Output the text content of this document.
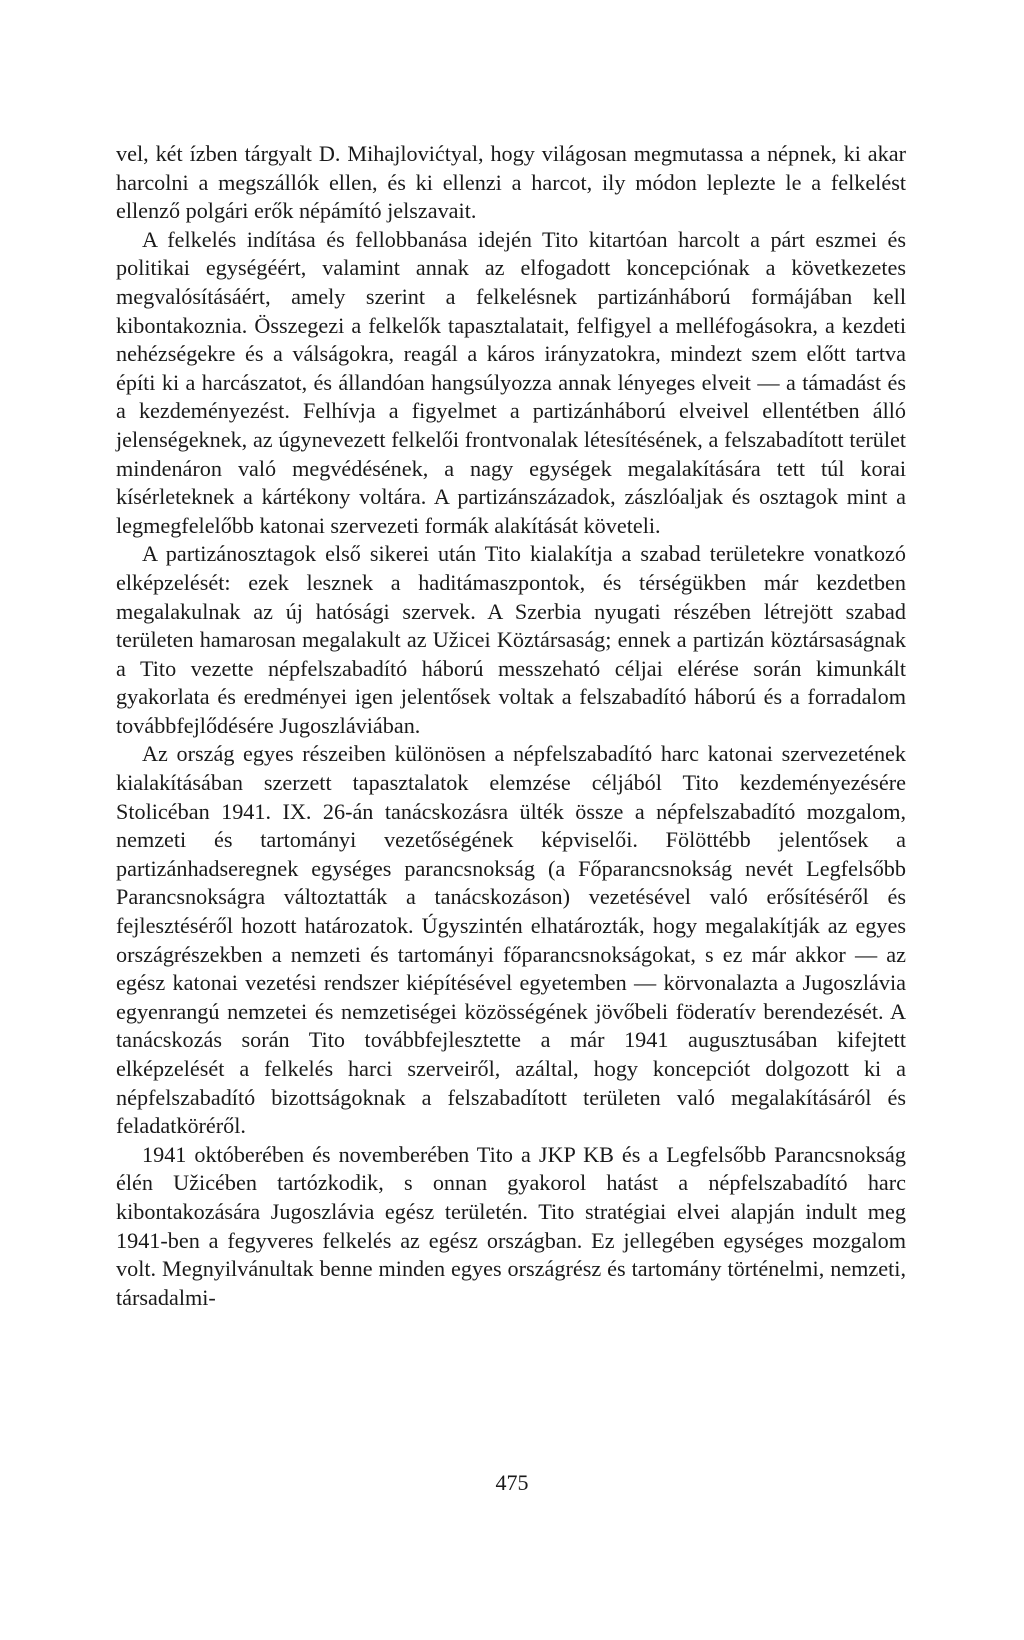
vel, két ízben tárgyalt D. Mihajlovićtyal, hogy világosan megmutassa a népnek, ki akar harcolni a megszállók ellen, és ki ellenzi a harcot, ily módon leplezte le a felkelést ellenző polgári erők népámító jelszavait.

A felkelés indítása és fellobbanása idején Tito kitartóan harcolt a párt eszmei és politikai egységéért, valamint annak az elfogadott koncepciónak a következetes megvalósításáért, amely szerint a felkelésnek partizánháború formájában kell kibontakoznia. Összegezi a felkelők tapasztalatait, felfigyel a melléfogásokra, a kezdeti nehézségekre és a válságokra, reagál a káros irányzatokra, mindezt szem előtt tartva építi ki a harcászatot, és állandóan hangsúlyozza annak lényeges elveit — a támadást és a kezdeményezést. Felhívja a figyelmet a partizánháború elveivel ellentétben álló jelenségeknek, az úgynevezett felkelői frontvonalak létesítésének, a felszabadított terület mindenáron való megvédésének, a nagy egységek megalakítására tett túl korai kísérleteknek a kártékony voltára. A partizánszázadok, zászlóaljak és osztagok mint a legmegfelelőbb katonai szervezeti formák alakítását követeli.

A partizánosztagok első sikerei után Tito kialakítja a szabad területekre vonatkozó elképzelését: ezek lesznek a haditámaszpontok, és térségükben már kezdetben megalakulnak az új hatósági szervek. A Szerbia nyugati részében létrejött szabad területen hamarosan megalakult az Užicei Köztársaság; ennek a partizán köztársaságnak a Tito vezette népfelszabadító háború messzeható céljai elérése során kimunkált gyakorlata és eredményei igen jelentősek voltak a felszabadító háború és a forradalom továbbfejlődésére Jugoszláviában.

Az ország egyes részeiben különösen a népfelszabadító harc katonai szervezetének kialakításában szerzett tapasztalatok elemzése céljából Tito kezdeményezésére Stolicéban 1941. IX. 26-án tanácskozásra ülték össze a népfelszabadító mozgalom, nemzeti és tartományi vezetőségének képviselői. Fölöttébb jelentősek a partizánhadseregnek egységes parancsnokság (a Főparancsnokság nevét Legfelsőbb Parancsnokságra változtatták a tanácskozáson) vezetésével való erősítéséről és fejlesztéséről hozott határozatok. Úgyszintén elhatározták, hogy megalakítják az egyes országrészekben a nemzeti és tartományi főparancsnokságokat, s ez már akkor — az egész katonai vezetési rendszer kiépítésével egyetemben — körvonalazta a Jugoszlávia egyenrangú nemzetei és nemzetiségei közösségének jövőbeli föderatív berendezését. A tanácskozás során Tito továbbfejlesztette a már 1941 augusztusában kifejtett elképzelését a felkelés harci szerveiről, azáltal, hogy koncepciót dolgozott ki a népfelszabadító bizottságoknak a felszabadított területen való megalakításáról és feladatköréről.

1941 októberében és novemberében Tito a JKP KB és a Legfelsőbb Parancsnokság élén Užicében tartózkodik, s onnan gyakorol hatást a népfelszabadító harc kibontakozására Jugoszlávia egész területén. Tito stratégiai elvei alapján indult meg 1941-ben a fegyveres felkelés az egész országban. Ez jellegében egységes mozgalom volt. Megnyilvánultak benne minden egyes országrész és tartomány történelmi, nemzeti, társadalmi-

475
